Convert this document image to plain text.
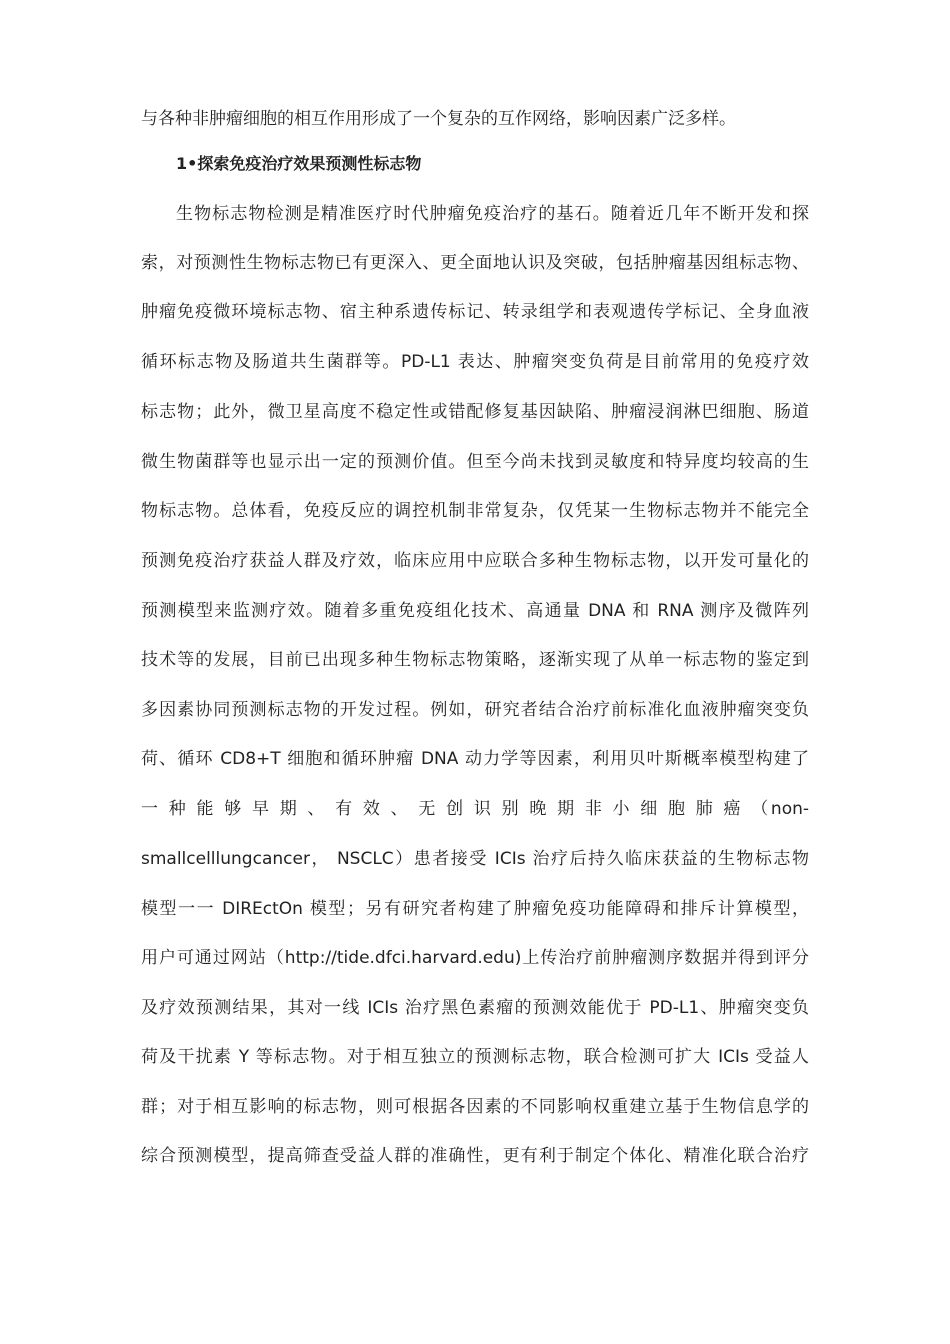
与各种非肿瘤细胞的相互作用形成了一个复杂的互作网络，影响因素广泛多样。
1•探索免疫治疗效果预测性标志物
生物标志物检测是精准医疗时代肿瘤免疫治疗的基石。随着近几年不断开发和探
索，对预测性生物标志物已有更深入、更全面地认识及突破，包括肿瘤基因组标志物、
肿瘤免疫微环境标志物、宿主种系遗传标记、转录组学和表观遗传学标记、全身血液
循环标志物及肠道共生菌群等。PD-L1 表达、肿瘤突变负荷是目前常用的免疫疗效
标志物；此外，微卫星高度不稳定性或错配修复基因缺陷、肿瘤浸润淋巴细胞、肠道
微生物菌群等也显示出一定的预测价值。但至今尚未找到灵敏度和特异度均较高的生
物标志物。总体看，免疫反应的调控机制非常复杂，仅凭某一生物标志物并不能完全
预测免疫治疗获益人群及疗效，临床应用中应联合多种生物标志物，以开发可量化的
预测模型来监测疗效。随着多重免疫组化技术、高通量 DNA 和 RNA 测序及微阵列
技术等的发展，目前已出现多种生物标志物策略，逐渐实现了从单一标志物的鉴定到
多因素协同预测标志物的开发过程。例如，研究者结合治疗前标准化血液肿瘤突变负
荷、循环 CD8+T 细胞和循环肿瘤 DNA 动力学等因素，利用贝叶斯概率模型构建了
一 种 能 够 早 期 、 有 效 、 无 创 识 别 晚 期 非 小 细 胞 肺 癌 （non-
smallcelllungcancer， NSCLC）患者接受 ICIs 治疗后持久临床获益的生物标志物
模型一一 DIREctOn 模型；另有研究者构建了肿瘤免疫功能障碍和排斥计算模型，
用户可通过网站（http://tide.dfci.harvard.edu)上传治疗前肿瘤测序数据并得到评分
及疗效预测结果，其对一线 ICIs 治疗黑色素瘤的预测效能优于 PD-L1、肿瘤突变负
荷及干扰素 Y 等标志物。对于相互独立的预测标志物，联合检测可扩大 ICIs 受益人
群；对于相互影响的标志物，则可根据各因素的不同影响权重建立基于生物信息学的
综合预测模型，提高筛查受益人群的准确性，更有利于制定个体化、精准化联合治疗
